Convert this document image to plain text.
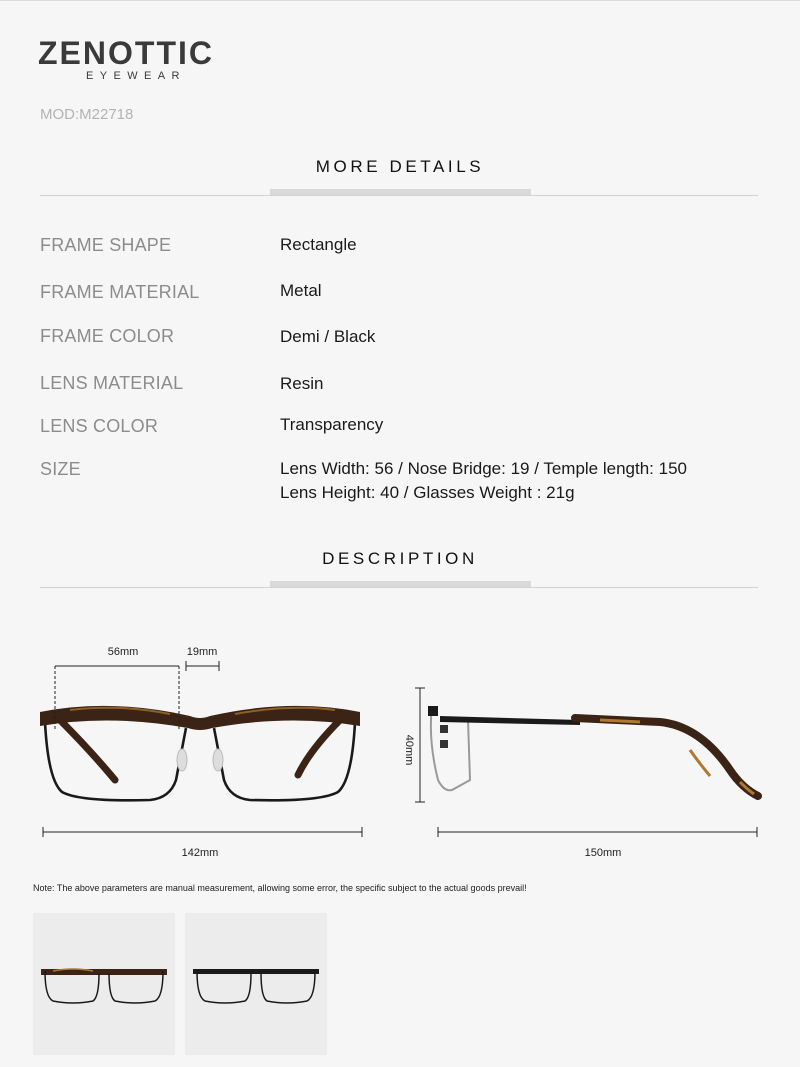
ZENOTTIC
EYEWEAR
MOD:M22718
MORE DETAILS
FRAME SHAPE	Rectangle
FRAME MATERIAL	Metal
FRAME COLOR	Demi / Black
LENS MATERIAL	Resin
LENS COLOR	Transparency
SIZE	Lens Width: 56 / Nose Bridge: 19 / Temple length: 150
Lens Height: 40 / Glasses Weight : 21g
DESCRIPTION
56mm	19mm
142mm
40mm
150mm
Note: The above parameters are manual measurement, allowing some error, the specific subject to the actual goods prevail!
